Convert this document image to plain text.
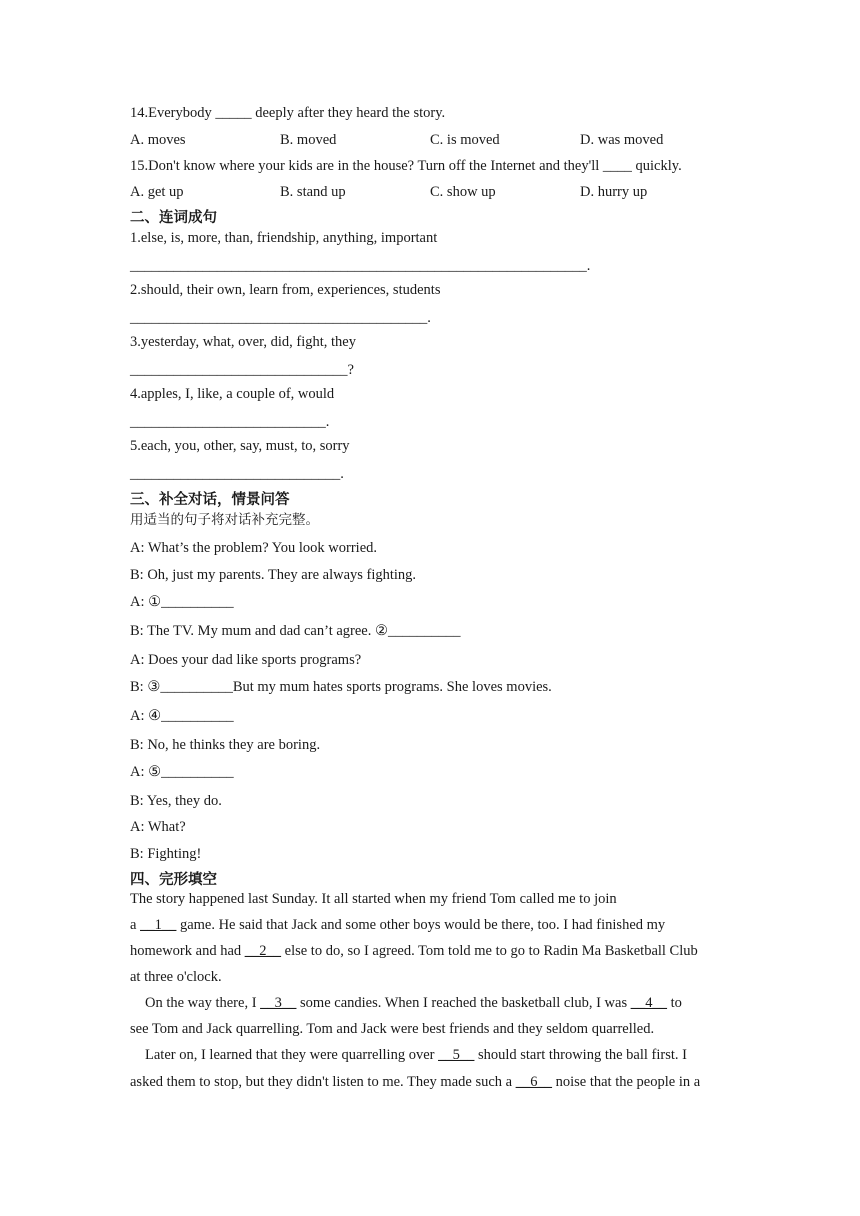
14.Everybody _____ deeply after they heard the story.
A. moves	B. moved	C. is moved	D. was moved
15.Don't know where your kids are in the house? Turn off the Internet and they'll ____ quickly.
A. get up	B. stand up	C. show up	D. hurry up
二、连词成句
1.else, is, more, than, friendship, anything, important
_______________________________________________________________.
2.should, their own, learn from, experiences, students
_________________________________________.
3.yesterday, what, over, did, fight, they
______________________________?
4.apples, I, like, a couple of, would
___________________________.
5.each, you, other, say, must, to, sorry
_____________________________.
三、补全对话，情景问答
用适当的句子将对话补充完整。
A: What’s the problem? You look worried.
B: Oh, just my parents. They are always fighting.
A: ①__________
B: The TV. My mum and dad can’t agree. ②__________
A: Does your dad like sports programs?
B: ③__________But my mum hates sports programs. She loves movies.
A: ④__________
B: No, he thinks they are boring.
A: ⑤__________
B: Yes, they do.
A: What?
B: Fighting!
四、完形填空
The story happened last Sunday. It all started when my friend Tom called me to join
a __1__ game. He said that Jack and some other boys would be there, too. I had finished my
homework and had __2__ else to do, so I agreed. Tom told me to go to Radin Ma Basketball Club
at three o'clock.
On the way there, I __3__ some candies. When I reached the basketball club, I was __4__ to
see Tom and Jack quarrelling. Tom and Jack were best friends and they seldom quarrelled.
Later on, I learned that they were quarrelling over __5__ should start throwing the ball first. I
asked them to stop, but they didn't listen to me. They made such a __6__ noise that the people in a
